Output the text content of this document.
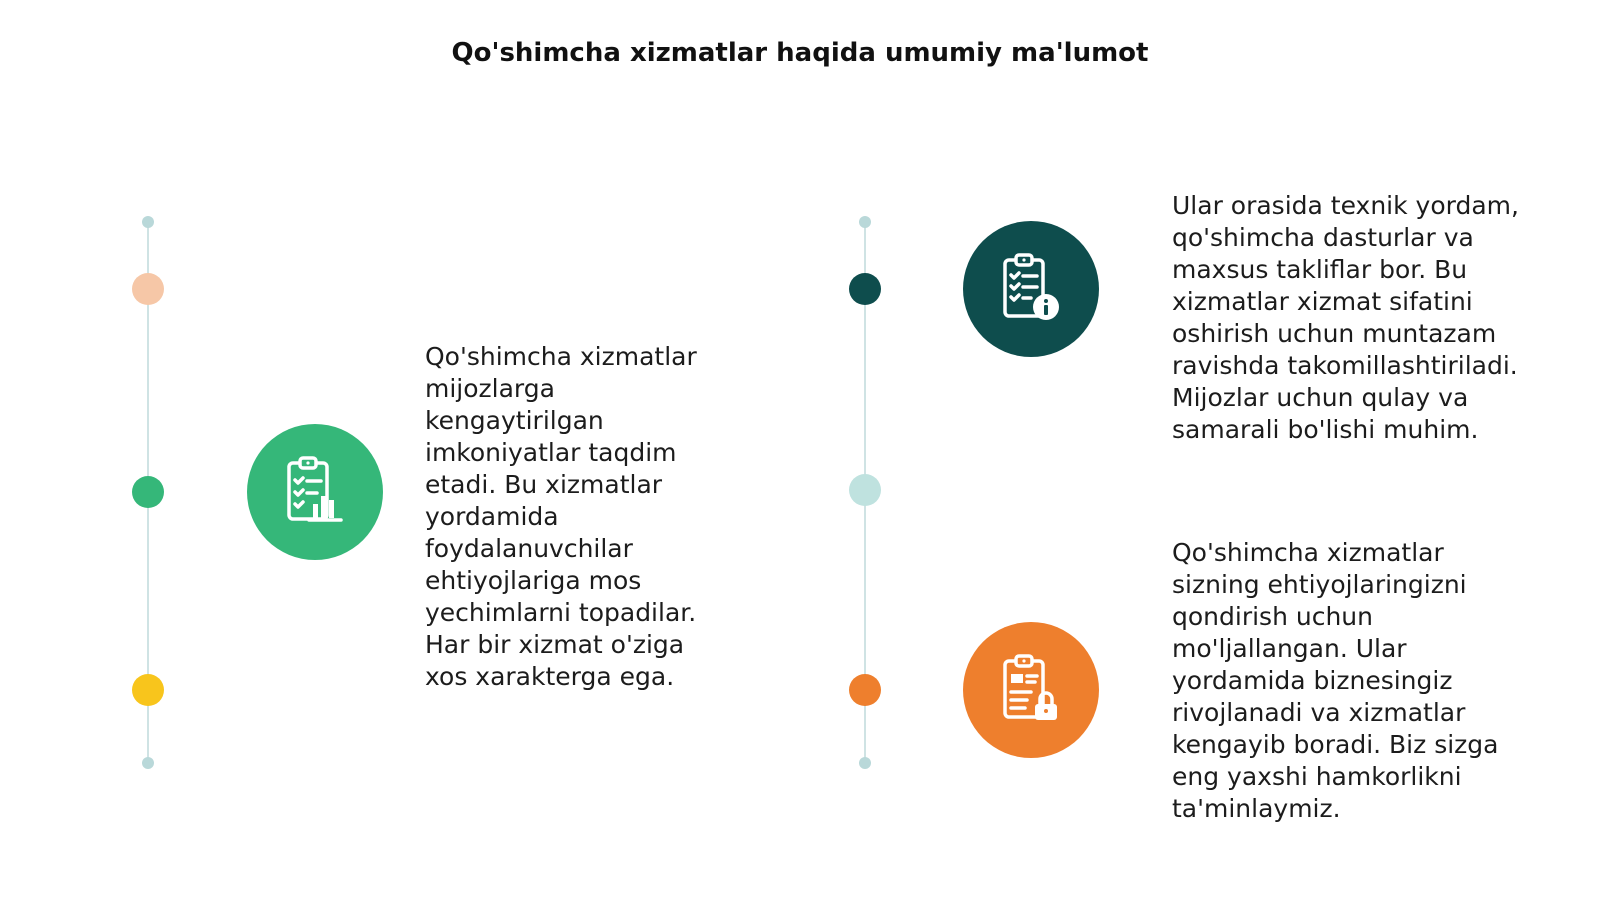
Qo'shimcha xizmatlar haqida umumiy ma'lumot

Qo'shimcha xizmatlar
mijozlarga
kengaytirilgan
imkoniyatlar taqdim
etadi. Bu xizmatlar
yordamida
foydalanuvchilar
ehtiyojlariga mos
yechimlarni topadilar.
Har bir xizmat o'ziga
xos xarakterga ega.

Ular orasida texnik yordam,
qo'shimcha dasturlar va
maxsus takliflar bor. Bu
xizmatlar xizmat sifatini
oshirish uchun muntazam
ravishda takomillashtiriladi.
Mijozlar uchun qulay va
samarali bo'lishi muhim.

Qo'shimcha xizmatlar
sizning ehtiyojlaringizni
qondirish uchun
mo'ljallangan. Ular
yordamida biznesingiz
rivojlanadi va xizmatlar
kengayib boradi. Biz sizga
eng yaxshi hamkorlikni
ta'minlaymiz.
